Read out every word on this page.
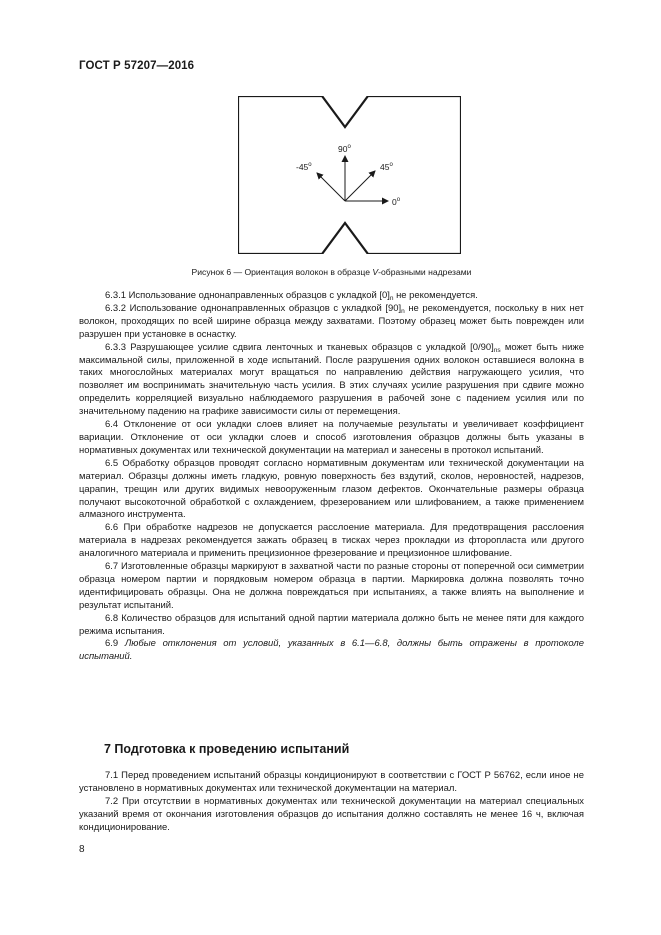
ГОСТ Р 57207—2016
90$^o$
-45$^o$	45$^o$
0$^o$
Рисунок 6 — Ориентация волокон в образце V-образными надрезами

6.3.1 Использование однонаправленных образцов с укладкой $[0]_n$ не рекомендуется.

6.3.2 Использование однонаправленных образцов с укладкой $[90]_n$ не рекомендуется, поскольку в них нет волокон, проходящих по всей ширине образца между захватами. Поэтому образец может быть поврежден или разрушен при установке в оснастку.

6.3.3 Разрушающее усилие сдвига ленточных и тканевых образцов с укладкой $[0/90]_{ns}$ может быть ниже максимальной силы, приложенной в ходе испытаний. После разрушения одних волокон оставшиеся волокна в таких многослойных материалах могут вращаться по направлению действия нагружающего усилия, что позволяет им воспринимать значительную часть усилия. В этих случаях усилие разрушения при сдвиге можно определить корреляцией визуально наблюдаемого разрушения в рабочей зоне с падением усилия или по значительному падению на графике зависимости силы от перемещения.

6.4 Отклонение от оси укладки слоев влияет на получаемые результаты и увеличивает коэффициент вариации. Отклонение от оси укладки слоев и способ изготовления образцов должны быть указаны в нормативных документах или технической документации на материал и занесены в протокол испытаний.

6.5 Обработку образцов проводят согласно нормативным документам или технической документации на материал. Образцы должны иметь гладкую, ровную поверхность без вздутий, сколов, неровностей, надрезов, царапин, трещин или других видимых невооруженным глазом дефектов. Окончательные размеры образца получают высокоточной обработкой с охлаждением, фрезерованием или шлифованием, а также применением алмазного инструмента.

6.6 При обработке надрезов не допускается расслоение материала. Для предотвращения расслоения материала в надрезах рекомендуется зажать образец в тисках через прокладки из фторопласта или другого аналогичного материала и применить прецизионное фрезерование и прецизионное шлифование.

6.7 Изготовленные образцы маркируют в захватной части по разные стороны от поперечной оси симметрии образца номером партии и порядковым номером образца в партии. Маркировка должна позволять точно идентифицировать образцы. Она не должна повреждаться при испытаниях, а также влиять на выполнение и результат испытаний.

6.8 Количество образцов для испытаний одной партии материала должно быть не менее пяти для каждого режима испытания.

6.9 Любые отклонения от условий, указанных в 6.1—6.8, должны быть отражены в протоколе испытаний.

7 Подготовка к проведению испытаний

7.1 Перед проведением испытаний образцы кондиционируют в соответствии с ГОСТ Р 56762, если иное не установлено в нормативных документах или технической документации на материал.

7.2 При отсутствии в нормативных документах или технической документации на материал специальных указаний время от окончания изготовления образцов до испытания должно составлять не менее 16 ч, включая кондиционирование.

8
